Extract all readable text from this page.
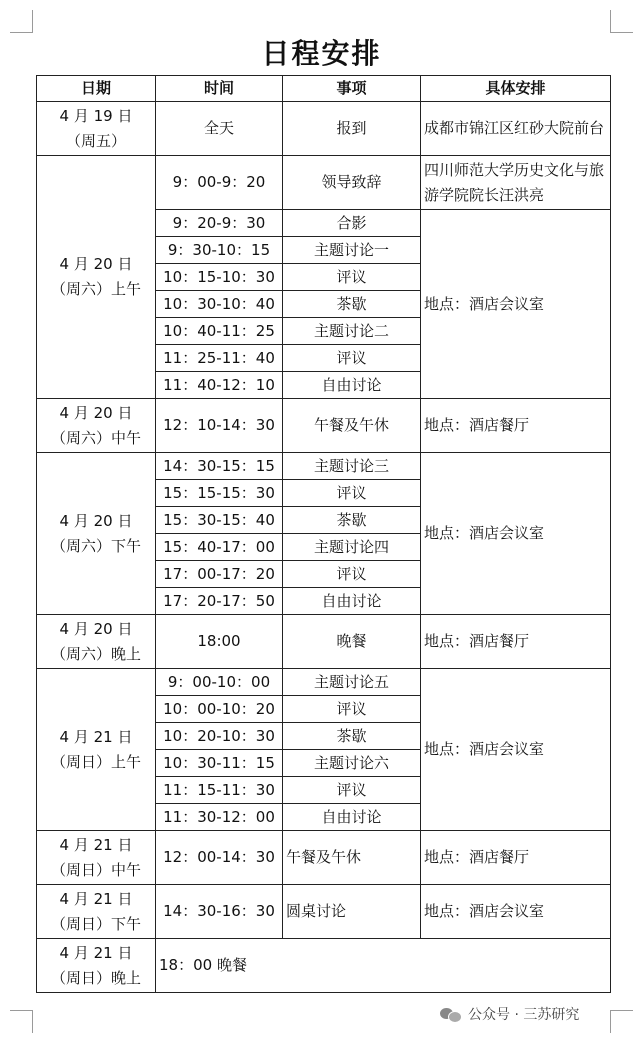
日程安排
日期	时间	事项	具体安排

4 月 19 日
（周五）	全天	报到	成都市锦江区红砂大院前台

4 月 20 日
（周六）上午	9：00-9：20	领导致辞	四川师范大学历史文化与旅游学院院长汪洪亮
	9：20-9：30	合影	地点：酒店会议室
	9：30-10：15	主题讨论一	
	10：15-10：30	评议	
	10：30-10：40	茶歇	
	10：40-11：25	主题讨论二	
	11：25-11：40	评议	
	11：40-12：10	自由讨论	

4 月 20 日
（周六）中午	12：10-14：30	午餐及午休	地点：酒店餐厅

4 月 20 日
（周六）下午	14：30-15：15	主题讨论三	地点：酒店会议室
	15：15-15：30	评议	
	15：30-15：40	茶歇	
	15：40-17：00	主题讨论四	
	17：00-17：20	评议	
	17：20-17：50	自由讨论	

4 月 20 日
（周六）晚上	18:00	晚餐	地点：酒店餐厅

4 月 21 日
（周日）上午	9：00-10：00	主题讨论五	地点：酒店会议室
	10：00-10：20	评议	
	10：20-10：30	茶歇	
	10：30-11：15	主题讨论六	
	11：15-11：30	评议	
	11：30-12：00	自由讨论	

4 月 21 日
（周日）中午	12：00-14：30	午餐及午休	地点：酒店餐厅

4 月 21 日
（周日）下午	14：30-16：30	圆桌讨论	地点：酒店会议室

4 月 21 日
（周日）晚上	18：00 晚餐		
公众号 · 三苏研究
